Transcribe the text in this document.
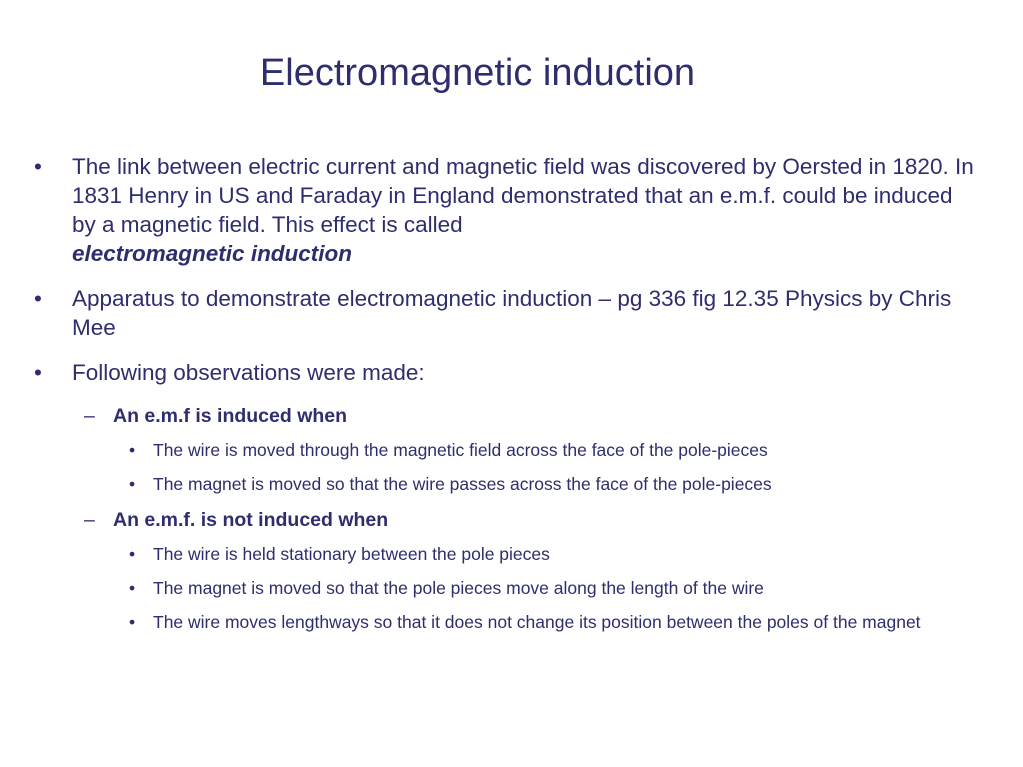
Electromagnetic induction
• The link between electric current and magnetic field was discovered by Oersted in 1820. In 1831 Henry in US and Faraday in England demonstrated that an e.m.f. could be induced by a magnetic field. This effect is called
electromagnetic induction
• Apparatus to demonstrate electromagnetic induction – pg 336 fig 12.35 Physics by Chris Mee
• Following observations were made:
– An e.m.f is induced when
• The wire is moved through the magnetic field across the face of the pole-pieces
• The magnet is moved so that the wire passes across the face of the pole-pieces
– An e.m.f. is not induced when
• The wire is held stationary between the pole pieces
• The magnet is moved so that the pole pieces move along the length of the wire
• The wire moves lengthways so that it does not change its position between the poles of the magnet
